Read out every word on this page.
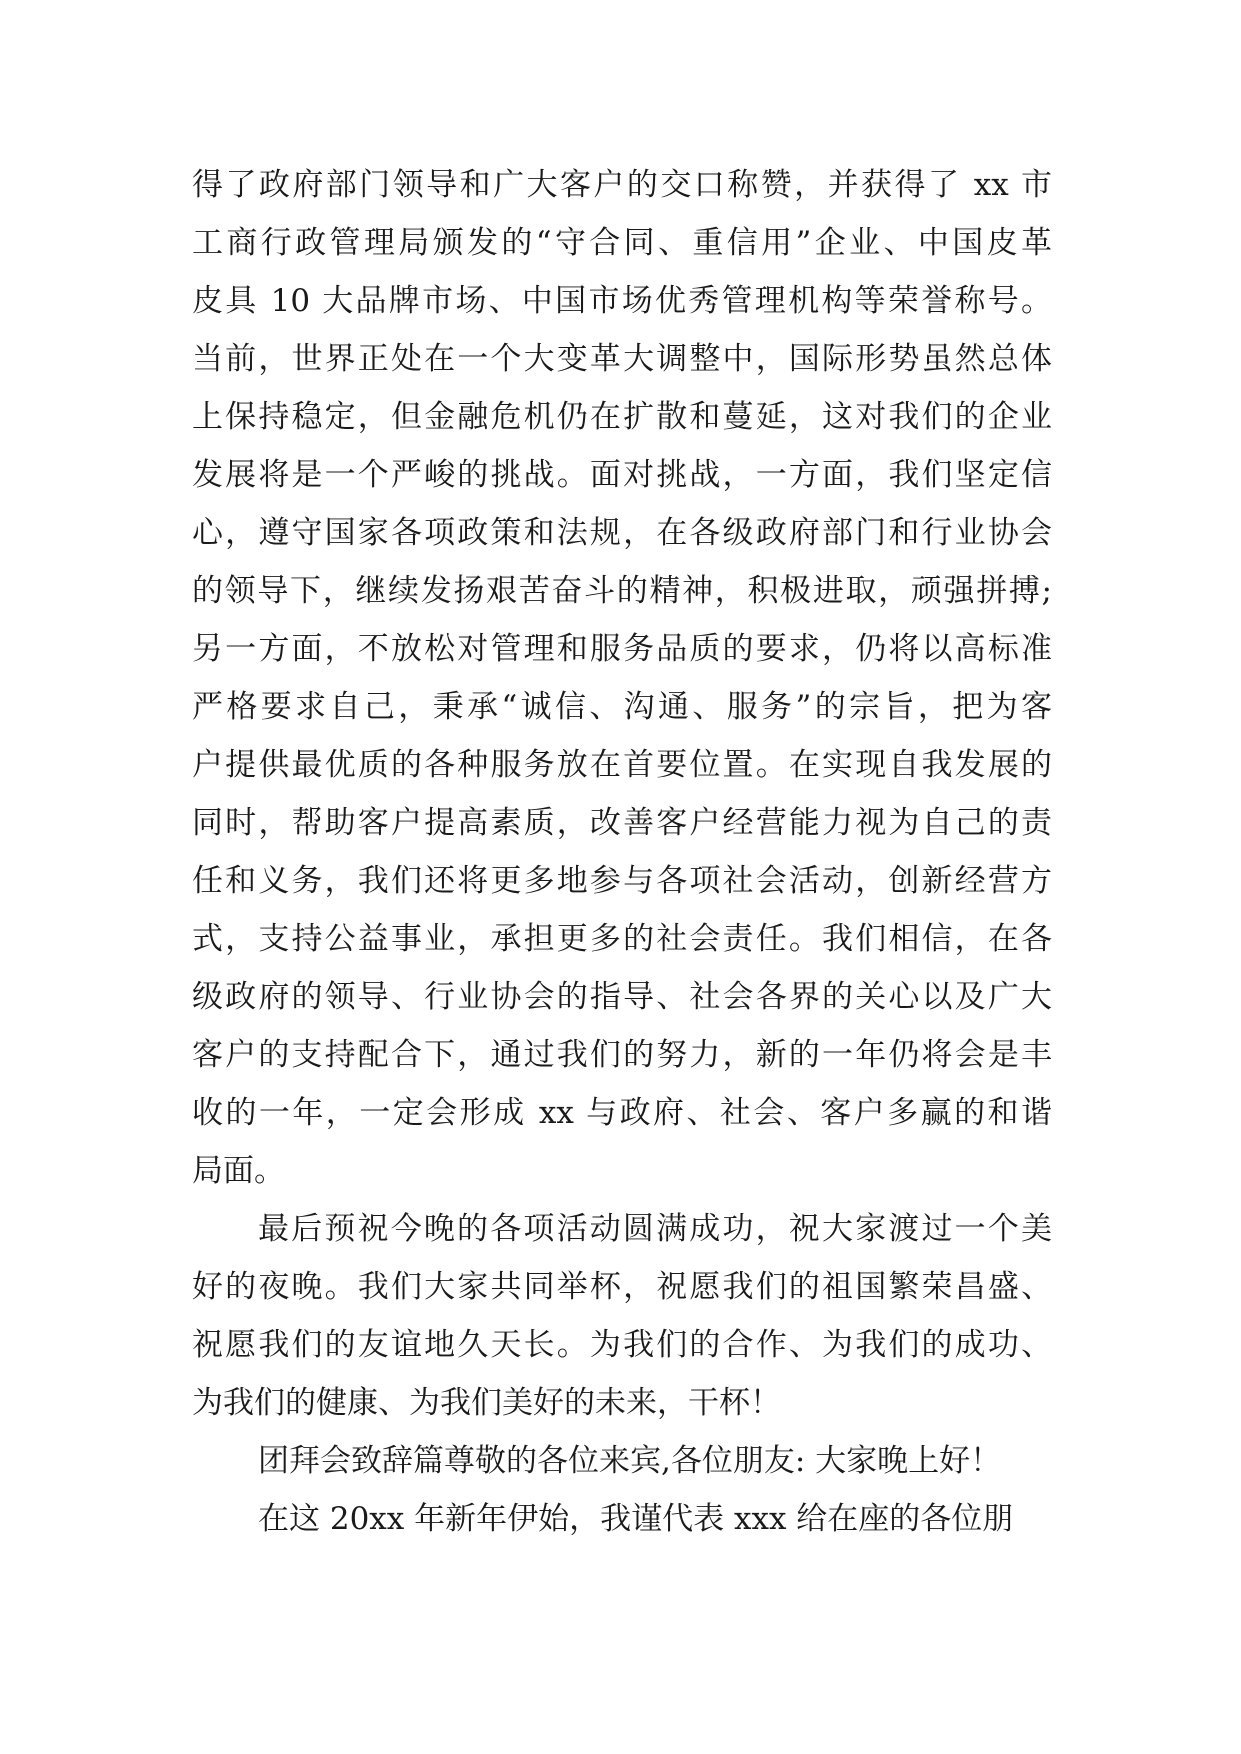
得了政府部门领导和广大客户的交口称赞，并获得了 xx 市
工商行政管理局颁发的“守合同、重信用”企业、中国皮革
皮具 10 大品牌市场、中国市场优秀管理机构等荣誉称号。
当前，世界正处在一个大变革大调整中，国际形势虽然总体
上保持稳定，但金融危机仍在扩散和蔓延，这对我们的企业
发展将是一个严峻的挑战。面对挑战，一方面，我们坚定信
心，遵守国家各项政策和法规，在各级政府部门和行业协会
的领导下，继续发扬艰苦奋斗的精神，积极进取，顽强拼搏;
另一方面，不放松对管理和服务品质的要求，仍将以高标准
严格要求自己，秉承“诚信、沟通、服务”的宗旨，把为客
户提供最优质的各种服务放在首要位置。在实现自我发展的
同时，帮助客户提高素质，改善客户经营能力视为自己的责
任和义务，我们还将更多地参与各项社会活动，创新经营方
式，支持公益事业，承担更多的社会责任。我们相信，在各
级政府的领导、行业协会的指导、社会各界的关心以及广大
客户的支持配合下，通过我们的努力，新的一年仍将会是丰
收的一年，一定会形成 xx 与政府、社会、客户多赢的和谐
局面。
最后预祝今晚的各项活动圆满成功，祝大家渡过一个美
好的夜晚。我们大家共同举杯，祝愿我们的祖国繁荣昌盛、
祝愿我们的友谊地久天长。为我们的合作、为我们的成功、
为我们的健康、为我们美好的未来，干杯！
团拜会致辞篇尊敬的各位来宾,各位朋友: 大家晚上好！
在这 20xx 年新年伊始，我谨代表 xxx 给在座的各位朋
